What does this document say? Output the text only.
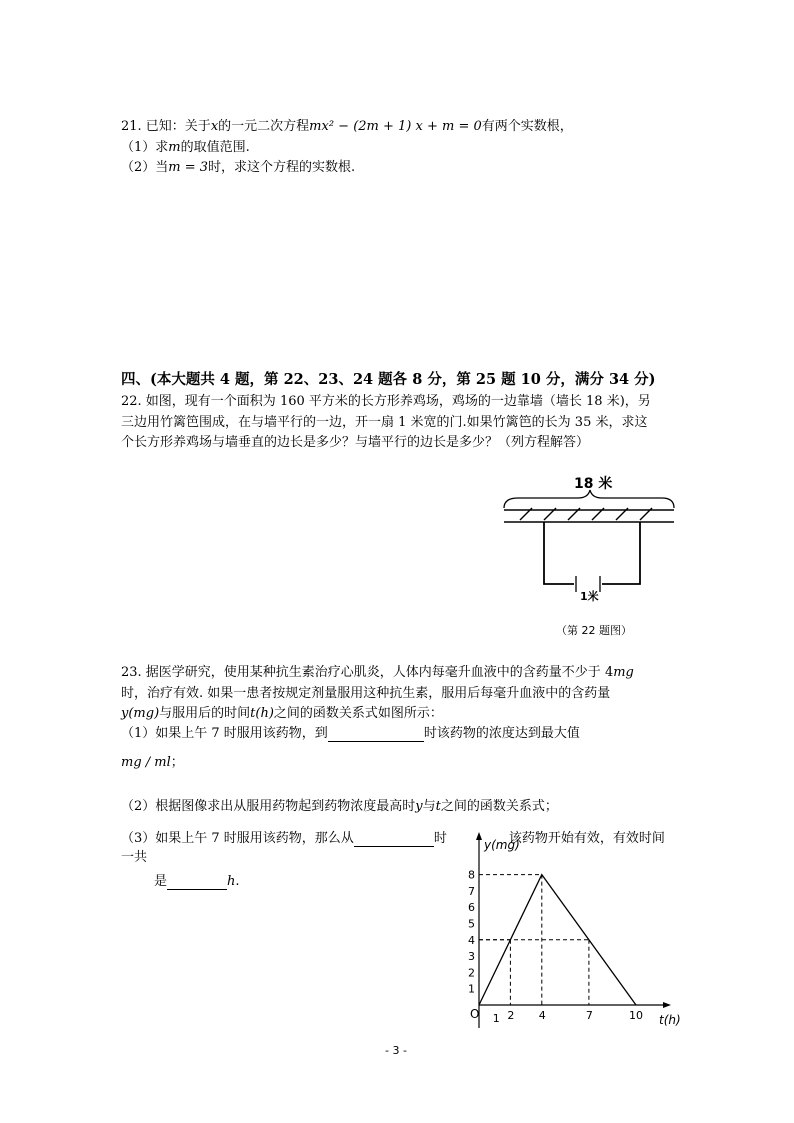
21. 已知：关于x的一元二次方程mx² − (2m + 1) x + m = 0有两个实数根，
（1）求m的取值范围.
（2）当m = 3时，求这个方程的实数根.
四、(本大题共 4 题，第 22、23、24 题各 8 分，第 25 题 10 分，满分 34 分)
22. 如图，现有一个面积为 160 平方米的长方形养鸡场，鸡场的一边靠墙（墙长 18 米)，另
三边用竹篱笆围成，在与墙平行的一边，开一扇 1 米宽的门.如果竹篱笆的长为 35 米，求这
个长方形养鸡场与墙垂直的边长是多少？与墙平行的边长是多少？（列方程解答）
18 米
1米
（第 22 题图）
23. 据医学研究，使用某种抗生素治疗心肌炎，人体内每毫升血液中的含药量不少于 4mg
时，治疗有效. 如果一患者按规定剂量服用这种抗生素，服用后每毫升血液中的含药量
y(mg)与服用后的时间t(h)之间的函数关系式如图所示：
（1）如果上午 7 时服用该药物，到	时该药物的浓度达到最大值
mg / ml；
（2）根据图像求出从服用药物起到药物浓度最高时y与t之间的函数关系式；
（3）如果上午 7 时服用该药物，那么从	时	该药物开始有效，有效时间
一共
是	h.
1
2
3
4
5
6
7
8
1 2 4	7	10
O
y(mg)
t(h)
- 3 -
